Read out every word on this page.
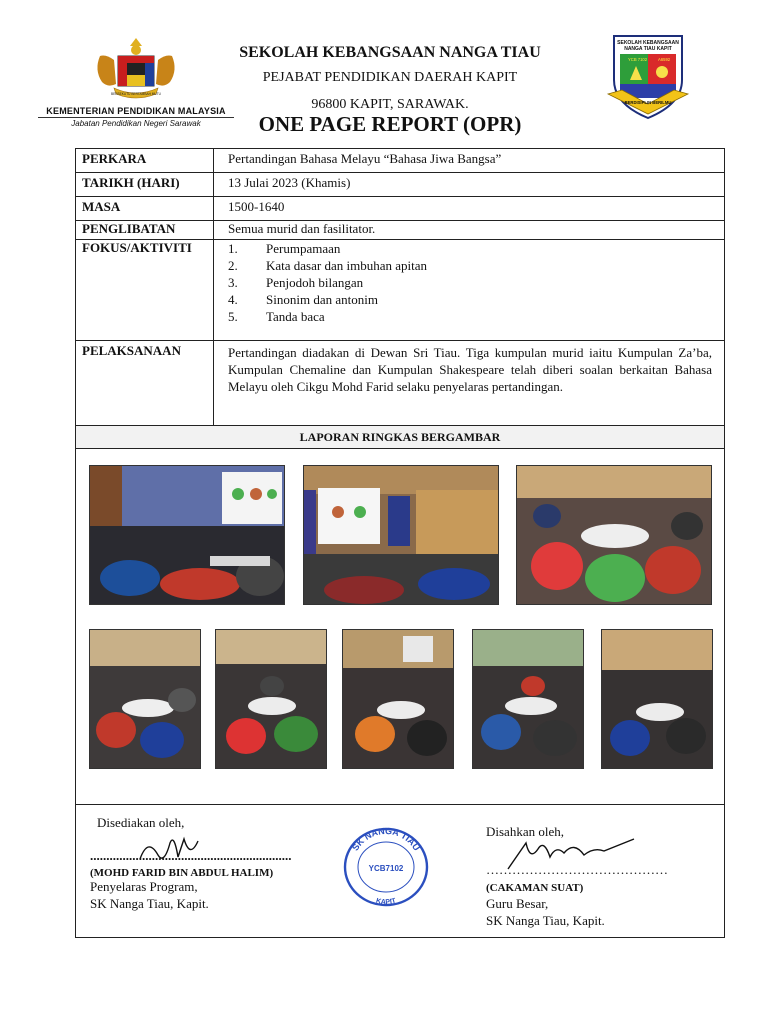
BERSEKUTU BERTAMBAH MUTU
KEMENTERIAN PENDIDIKAN MALAYSIA
Jabatan Pendidikan Negeri Sarawak
SEKOLAH KEBANGSAAN NANGA TIAU
PEJABAT PENDIDIKAN DAERAH KAPIT
96800 KAPIT, SARAWAK.
ONE PAGE REPORT (OPR)
SEKOLAH KEBANGSAAN
NANGA TIAU KAPIT
YCB 7102	A6592
BERDISIPLIN BERILMU
PERKARA	Pertandingan Bahasa Melayu “Bahasa Jiwa Bangsa”
TARIKH (HARI)	13 Julai 2023 (Khamis)
MASA	1500-1640
PENGLIBATAN	Semua murid dan fasilitator.
FOKUS/AKTIVITI	1. Perumpamaan
2. Kata dasar dan imbuhan apitan
3. Penjodoh bilangan
4. Sinonim dan antonim
5. Tanda baca
PELAKSANAAN	Pertandingan diadakan di Dewan Sri Tiau. Tiga kumpulan murid iaitu Kumpulan Za’ba, Kumpulan Chemaline dan Kumpulan Shakespeare telah diberi soalan berkaitan Bahasa Melayu oleh Cikgu Mohd Farid selaku penyelaras pertandingan.

LAPORAN RINGKAS BERGAMBAR
Disediakan oleh,
..............................................................
(MOHD FARID BIN ABDUL HALIM)
Penyelaras Program,
SK Nanga Tiau, Kapit.
SK NANGA TIAU
YCB7102
KAPIT
Disahkan oleh,
……………………………………
(CAKAMAN SUAT)
Guru Besar,
SK Nanga Tiau, Kapit.
